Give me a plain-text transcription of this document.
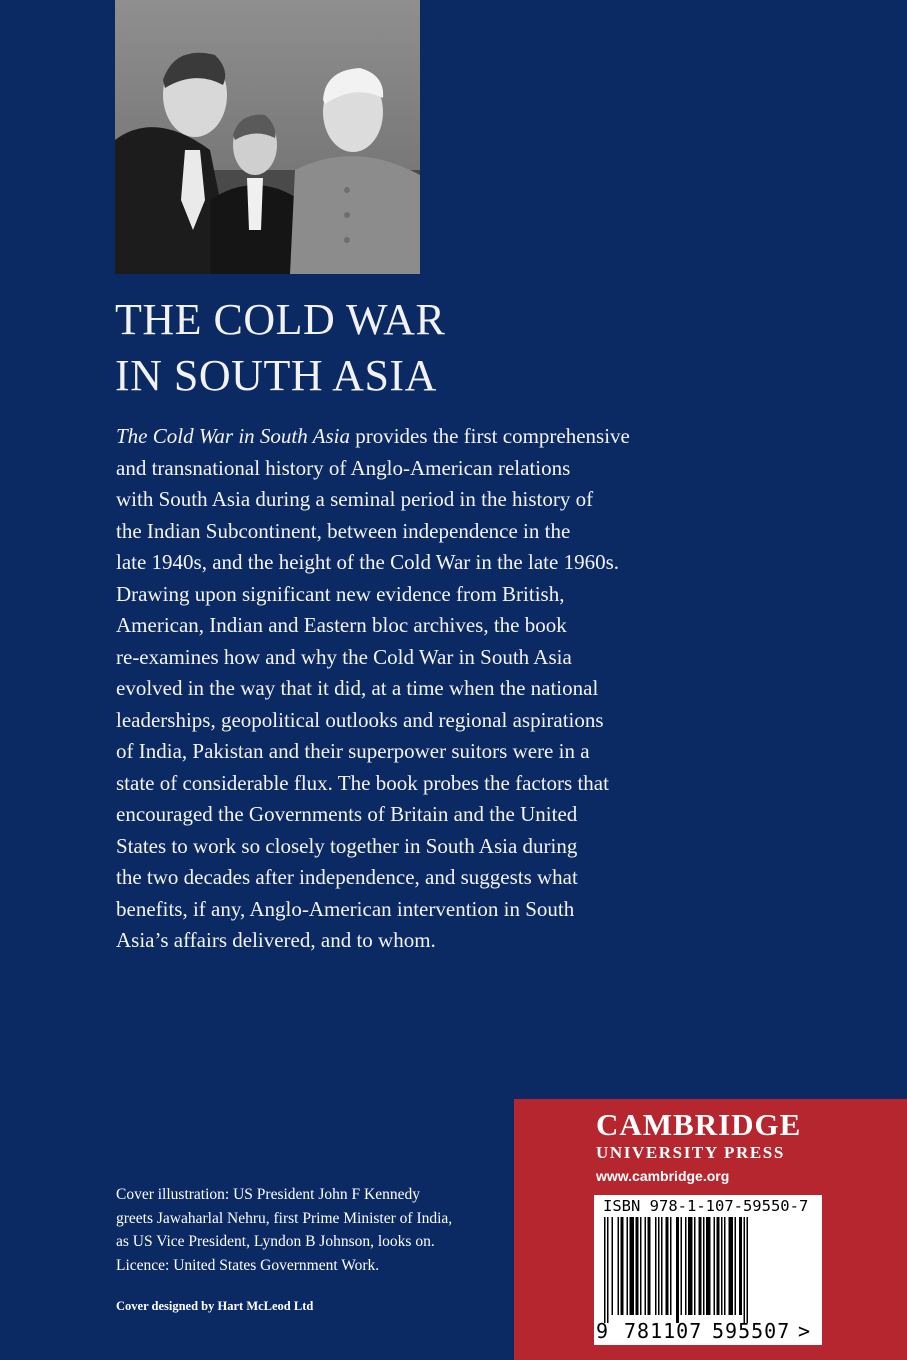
THE COLD WAR
IN SOUTH ASIA
The Cold War in South Asia provides the first comprehensive
and transnational history of Anglo-American relations
with South Asia during a seminal period in the history of
the Indian Subcontinent, between independence in the
late 1940s, and the height of the Cold War in the late 1960s.
Drawing upon significant new evidence from British,
American, Indian and Eastern bloc archives, the book
re-examines how and why the Cold War in South Asia
evolved in the way that it did, at a time when the national
leaderships, geopolitical outlooks and regional aspirations
of India, Pakistan and their superpower suitors were in a
state of considerable flux. The book probes the factors that
encouraged the Governments of Britain and the United
States to work so closely together in South Asia during
the two decades after independence, and suggests what
benefits, if any, Anglo-American intervention in South
Asia’s affairs delivered, and to whom.
Cover illustration: US President John F Kennedy
greets Jawaharlal Nehru, first Prime Minister of India,
as US Vice President, Lyndon B Johnson, looks on.
Licence: United States Government Work.
Cover designed by Hart McLeod Ltd
CAMBRIDGE
UNIVERSITY PRESS
www.cambridge.org
ISBN 978-1-107-59550-7
9 781107 595507 >
